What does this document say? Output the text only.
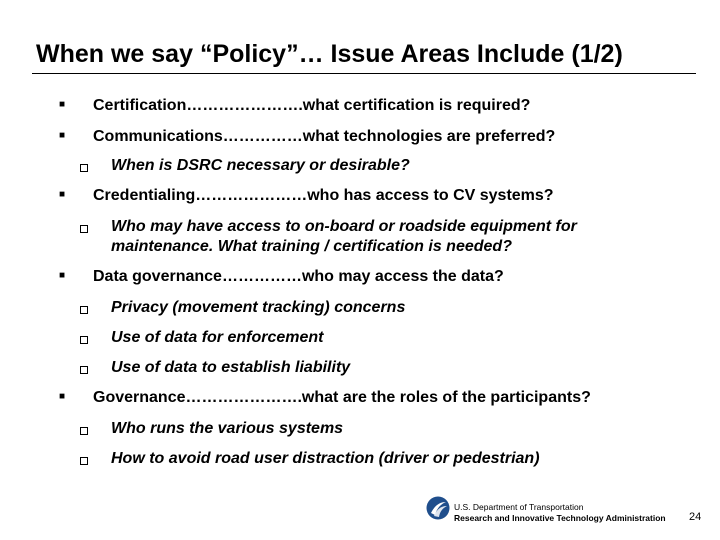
When we say “Policy”… Issue Areas Include (1/2)
■ Certification………………….what certification is required?
■ Communications……………what technologies are preferred?
When is DSRC necessary or desirable?
■ Credentialing…………………who has access to CV systems?
Who may have access to on-board or roadside equipment for
maintenance. What training / certification is needed?
■ Data governance……………who may access the data?
Privacy (movement tracking) concerns
Use of data for enforcement
Use of data to establish liability
■ Governance………………….what are the roles of the participants?
Who runs the various systems
How to avoid road user distraction (driver or pedestrian)
U.S. Department of Transportation
Research and Innovative Technology Administration 24
